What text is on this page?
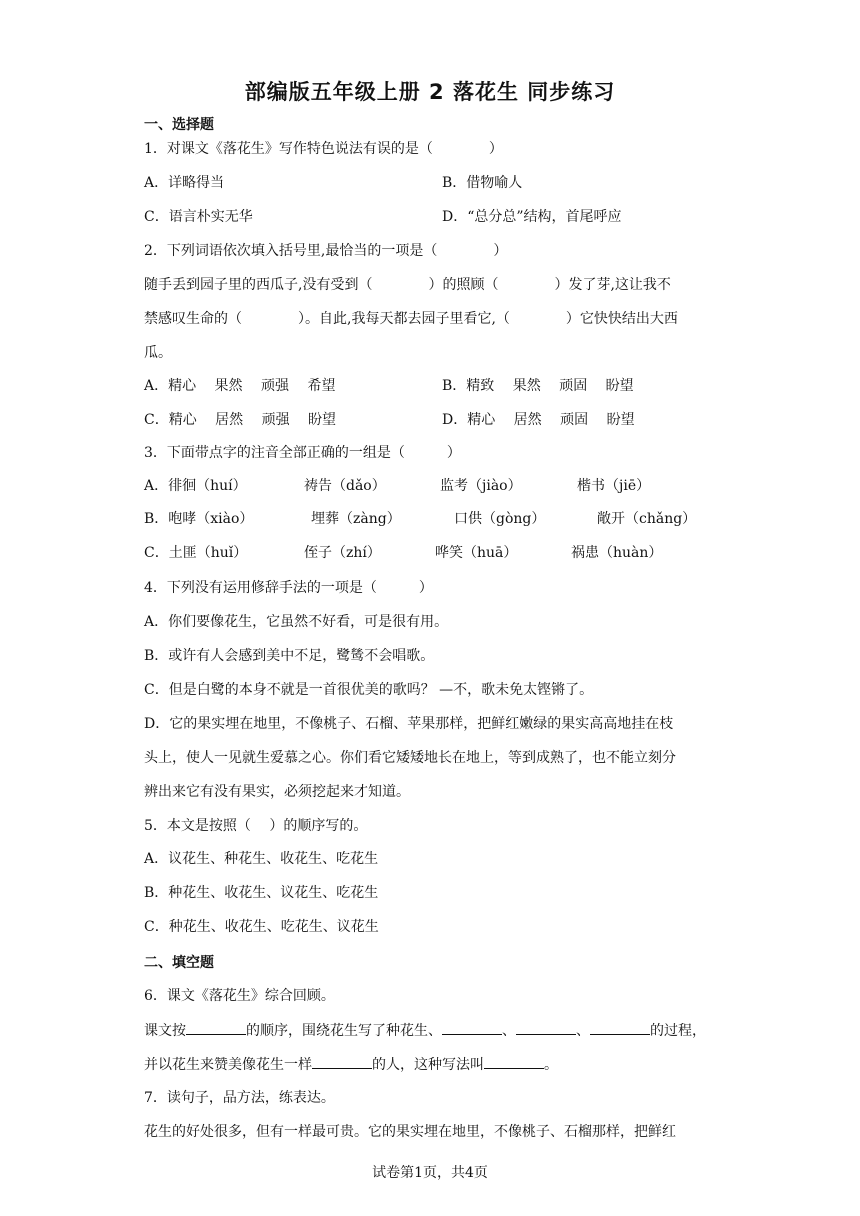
部编版五年级上册 2 落花生 同步练习
一、选择题
1．对课文《落花生》写作特色说法有误的是（　　　　）
A．详略得当	B．借物喻人
C．语言朴实无华	D．“总分总”结构，首尾呼应
2．下列词语依次填入括号里,最恰当的一项是（　　　　）
随手丢到园子里的西瓜子,没有受到（　　　　）的照顾（　　　　）发了芽,这让我不
禁感叹生命的（　　　　）。自此,我每天都去园子里看它,（　　　　）它快快结出大西
瓜。
A．精心　 果然　 顽强　 希望	B．精致　 果然　 顽固　 盼望
C．精心　 居然　 顽强　 盼望	D．精心　 居然　 顽固　 盼望
3．下面带点字的注音全部正确的一组是（　　　）
A．徘徊（huí）	祷告（dǎo）	监考（jiào）	楷书（jiē）
B．咆哮（xiào）	埋葬（zàng）	口供（gòng）	敞开（chǎng）
C．土匪（huǐ）	侄子（zhí）	哗笑（huā）	祸患（huàn）
4．下列没有运用修辞手法的一项是（　　　）
A．你们要像花生，它虽然不好看，可是很有用。
B．或许有人会感到美中不足，鹭鸶不会唱歌。
C．但是白鹭的本身不就是一首很优美的歌吗？ —不，歌未免太铿锵了。
D．它的果实埋在地里，不像桃子、石榴、苹果那样，把鲜红嫩绿的果实高高地挂在枝
头上，使人一见就生爱慕之心。你们看它矮矮地长在地上，等到成熟了，也不能立刻分
辨出来它有没有果实，必须挖起来才知道。
5．本文是按照（　 ）的顺序写的。
A．议花生、种花生、收花生、吃花生
B．种花生、收花生、议花生、吃花生
C．种花生、收花生、吃花生、议花生
二、填空题
6．课文《落花生》综合回顾。
课文按	的顺序，围绕花生写了种花生、	、	、	的过程，
并以花生来赞美像花生一样	的人，这种写法叫	。
7．读句子，品方法，练表达。
花生的好处很多，但有一样最可贵。它的果实埋在地里，不像桃子、石榴那样，把鲜红
试卷第1页，共4页
